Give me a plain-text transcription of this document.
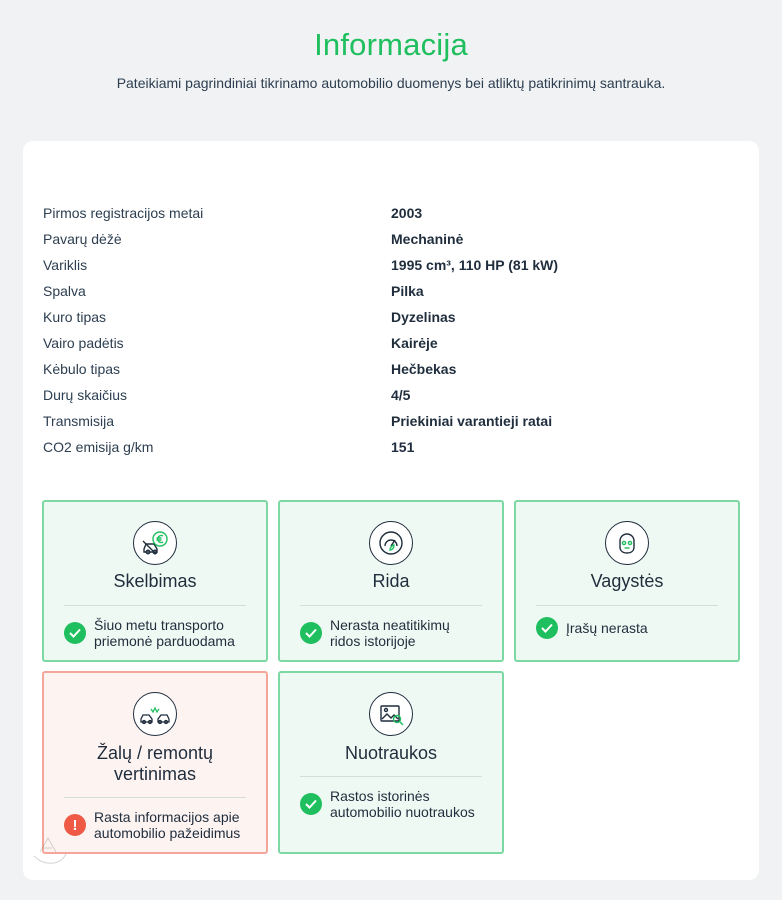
Informacija

Pateikiami pagrindiniai tikrinamo automobilio duomenys bei atliktų patikrinimų santrauka.

Pirmos registracijos metai	2003
Pavarų dėžė	Mechaninė
Variklis	1995 cm³, 110 HP (81 kW)
Spalva	Pilka
Kuro tipas	Dyzelinas
Vairo padėtis	Kairėje
Kėbulo tipas	Hečbekas
Durų skaičius	4/5
Transmisija	Priekiniai varantieji ratai
CO2 emisija g/km	151
Skelbimas
Šiuo metu transporto
priemonė parduodama
Rida
Nerasta neatitikimų
ridos istorijoje
Vagystės
Įrašų nerasta
Žalų / remontų
vertinimas
!	Rasta informacijos apie
automobilio pažeidimus
Nuotraukos
Rastos istorinės
automobilio nuotraukos
